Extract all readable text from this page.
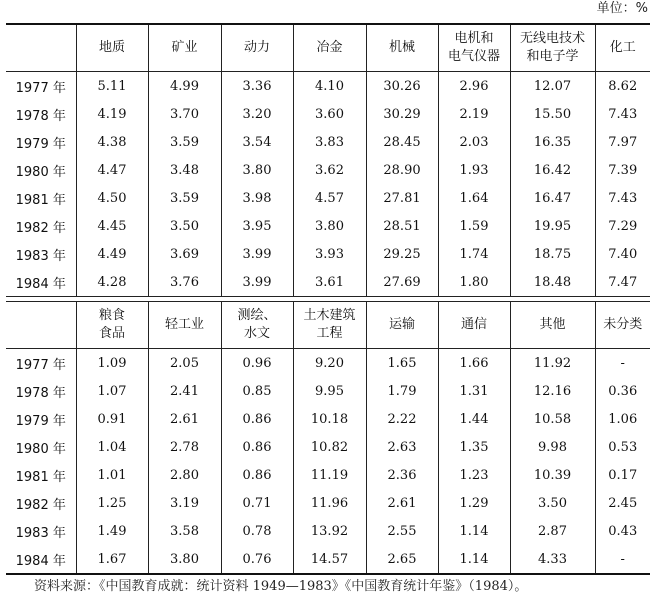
单位：%

	地质	矿业	动力	冶金	机械	电机和
电气仪器	无线电技术
和电子学	化工

1977 年	5.11	4.99	3.36	4.10	30.26	2.96	12.07	8.62
1978 年	4.19	3.70	3.20	3.60	30.29	2.19	15.50	7.43
1979 年	4.38	3.59	3.54	3.83	28.45	2.03	16.35	7.97
1980 年	4.47	3.48	3.80	3.62	28.90	1.93	16.42	7.39
1981 年	4.50	3.59	3.98	4.57	27.81	1.64	16.47	7.43
1982 年	4.45	3.50	3.95	3.80	28.51	1.59	19.95	7.29
1983 年	4.49	3.69	3.99	3.93	29.25	1.74	18.75	7.40
1984 年	4.28	3.76	3.99	3.61	27.69	1.80	18.48	7.47

	粮食
食品	轻工业	测绘、
水文	土木建筑
工程	运输	通信	其他	未分类

1977 年	1.09	2.05	0.96	9.20	1.65	1.66	11.92	-
1978 年	1.07	2.41	0.85	9.95	1.79	1.31	12.16	0.36
1979 年	0.91	2.61	0.86	10.18	2.22	1.44	10.58	1.06
1980 年	1.04	2.78	0.86	10.82	2.63	1.35	9.98	0.53
1981 年	1.01	2.80	0.86	11.19	2.36	1.23	10.39	0.17
1982 年	1.25	3.19	0.71	11.96	2.61	1.29	3.50	2.45
1983 年	1.49	3.58	0.78	13.92	2.55	1.14	2.87	0.43
1984 年	1.67	3.80	0.76	14.57	2.65	1.14	4.33	-
资料来源：《中国教育成就：统计资料 1949—1983》《中国教育统计年鉴》（1984）。
